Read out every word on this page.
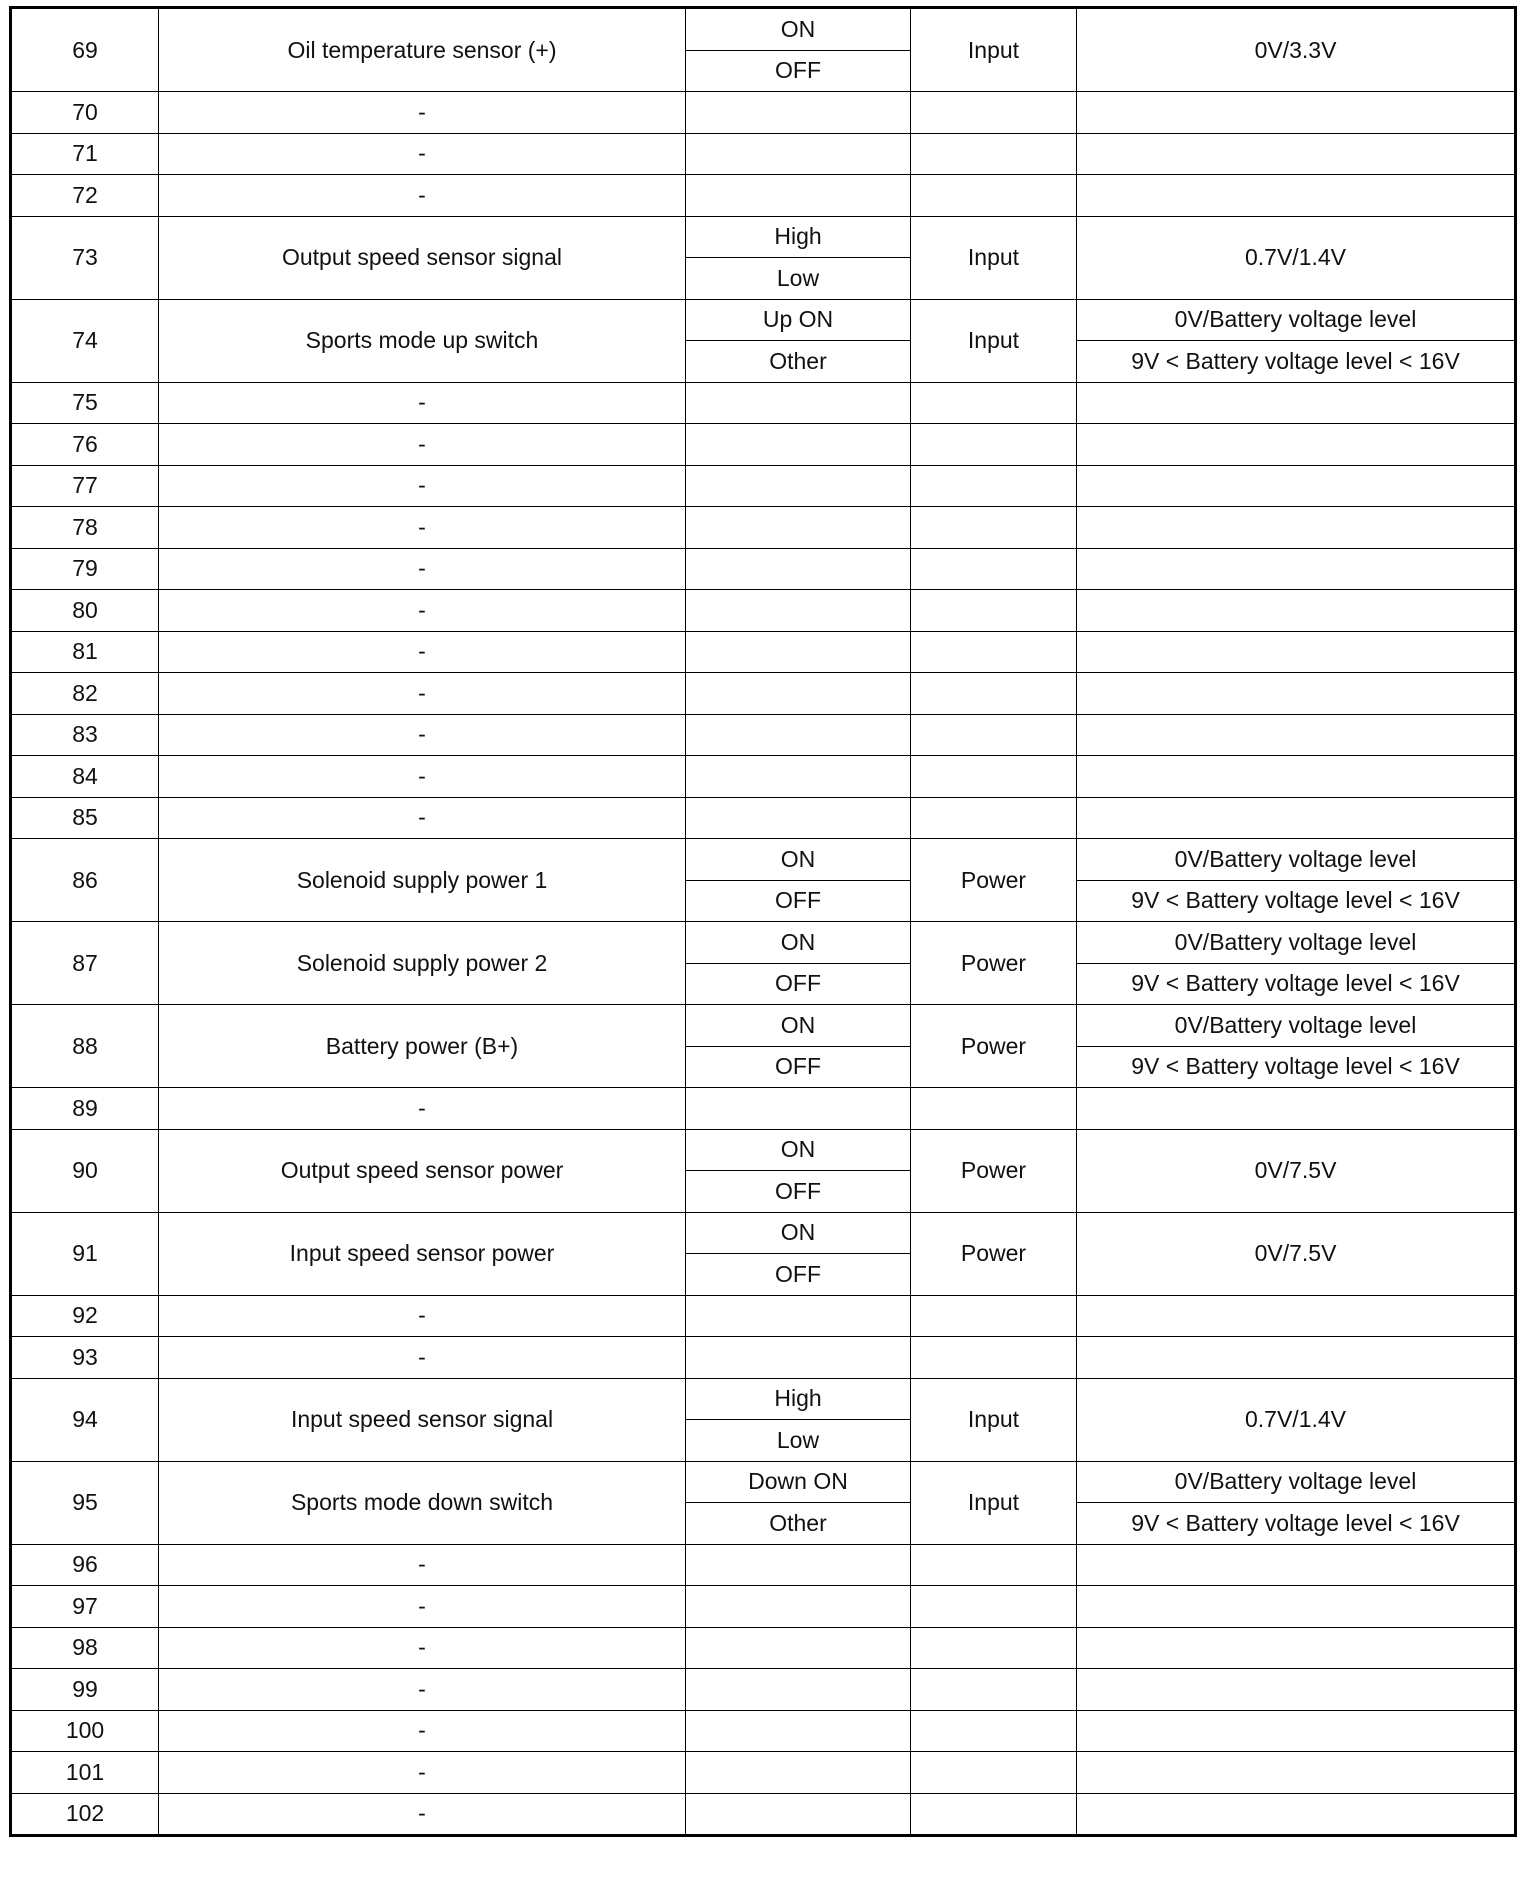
69	Oil temperature sensor (+)	ON	Input	0V/3.3V
		OFF		
70	-			
71	-			
72	-			
73	Output speed sensor signal	High	Input	0.7V/1.4V
		Low		
74	Sports mode up switch	Up ON	Input	0V/Battery voltage level
		Other		9V < Battery voltage level < 16V
75	-			
76	-			
77	-			
78	-			
79	-			
80	-			
81	-			
82	-			
83	-			
84	-			
85	-			
86	Solenoid supply power 1	ON	Power	0V/Battery voltage level
		OFF		9V < Battery voltage level < 16V
87	Solenoid supply power 2	ON	Power	0V/Battery voltage level
		OFF		9V < Battery voltage level < 16V
88	Battery power (B+)	ON	Power	0V/Battery voltage level
		OFF		9V < Battery voltage level < 16V
89	-			
90	Output speed sensor power	ON	Power	0V/7.5V
		OFF		
91	Input speed sensor power	ON	Power	0V/7.5V
		OFF		
92	-			
93	-			
94	Input speed sensor signal	High	Input	0.7V/1.4V
		Low		
95	Sports mode down switch	Down ON	Input	0V/Battery voltage level
		Other		9V < Battery voltage level < 16V
96	-			
97	-			
98	-			
99	-			
100	-			
101	-			
102	-			
